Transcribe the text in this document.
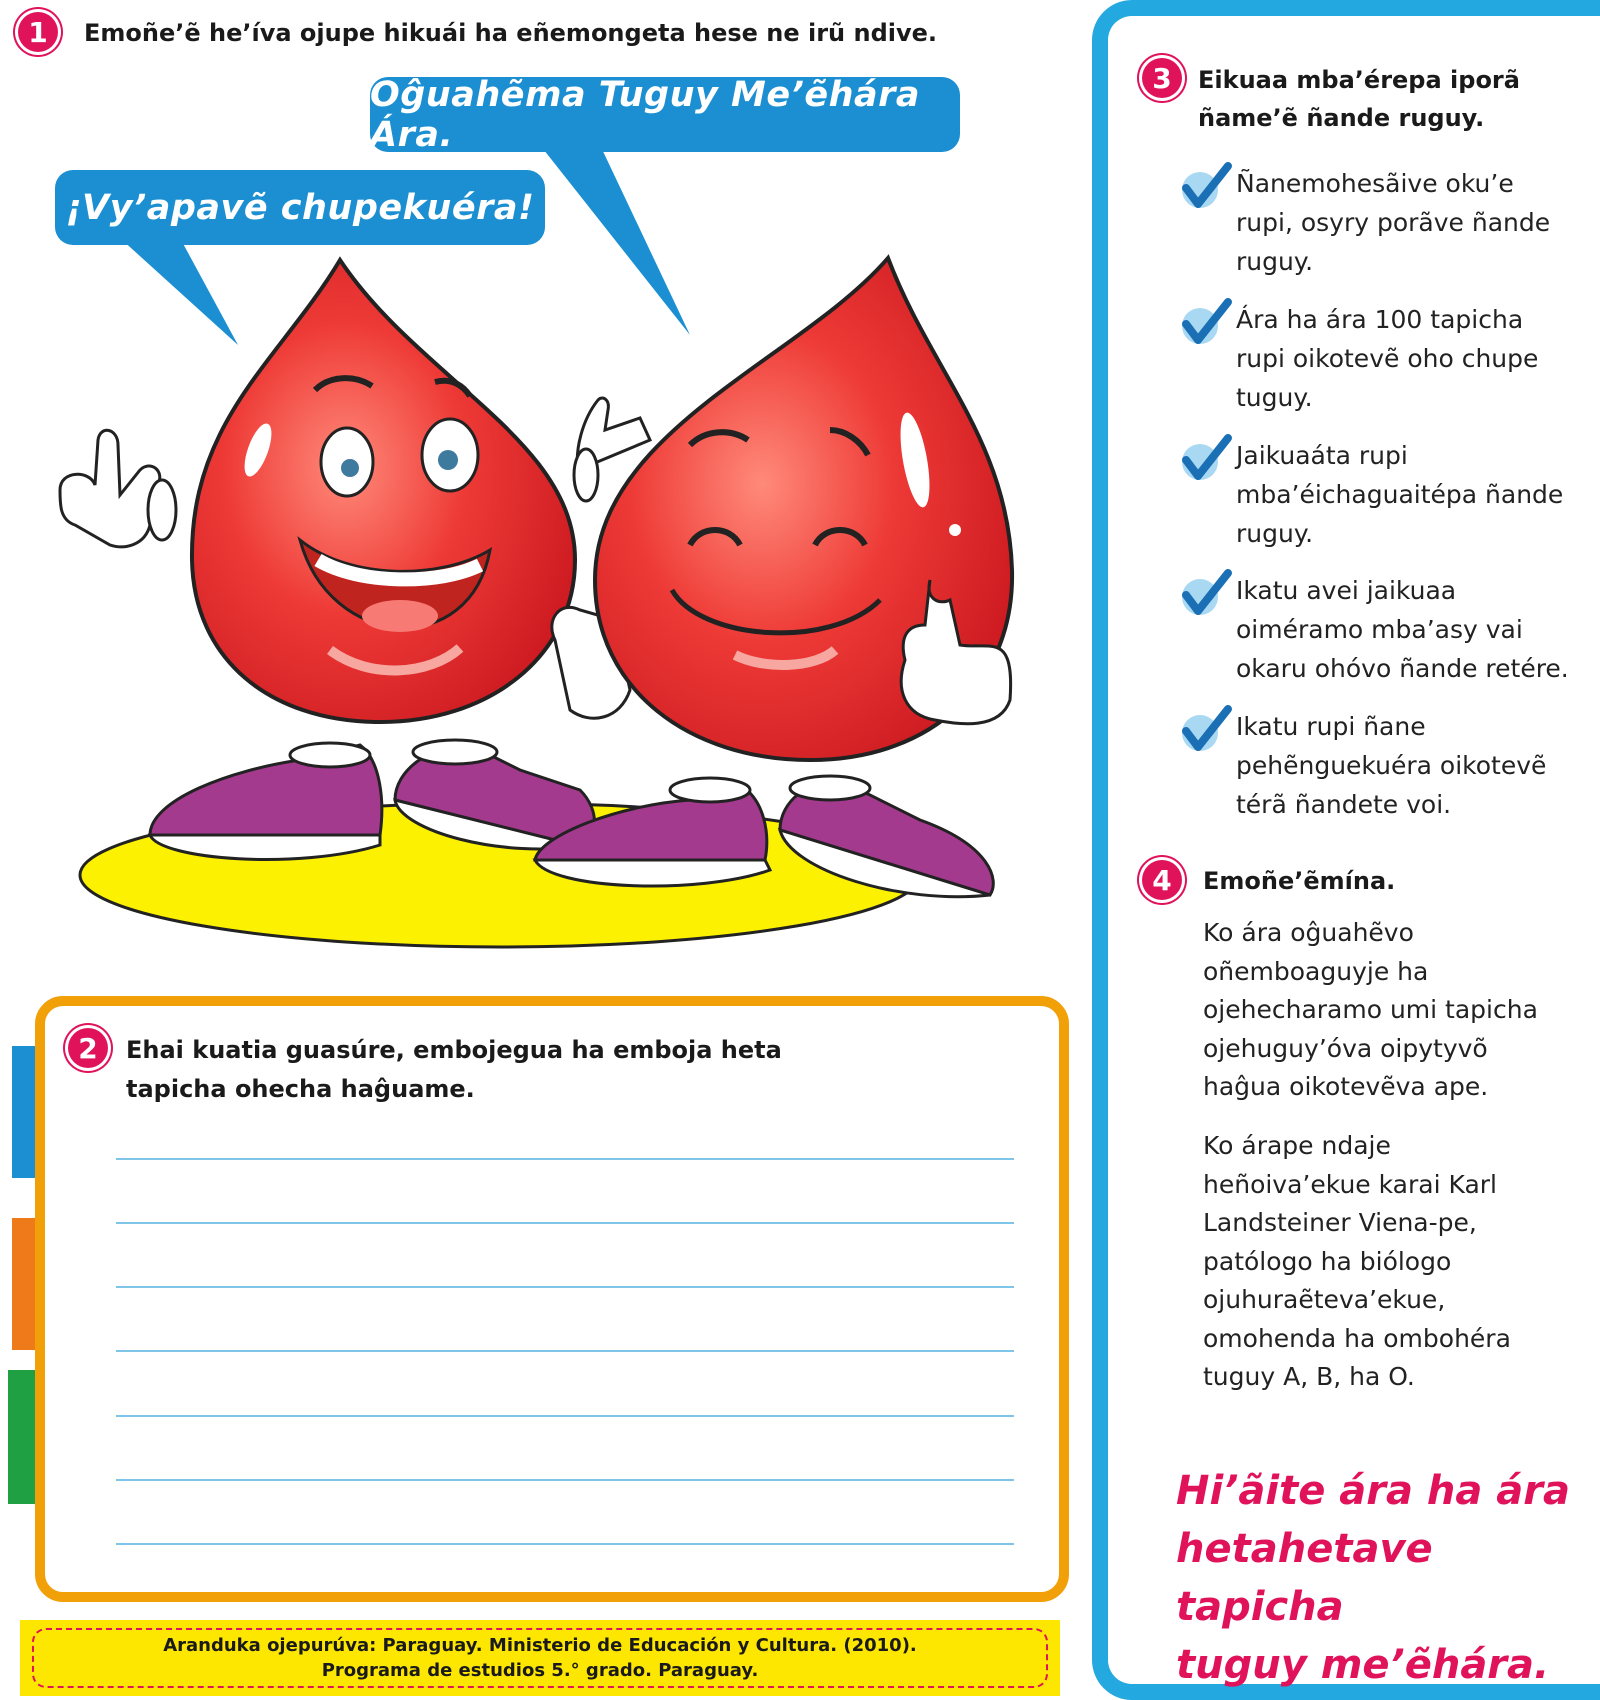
1	Emoñe’ẽ he’íva ojupe hikuái ha eñemongeta hese ne irũ ndive.
Oĝuahẽma Tuguy Me’ẽhára Ára.
¡Vy’apavẽ chupekuéra!
2	Ehai kuatia guasúre, embojegua ha emboja heta
tapicha ohecha haĝuame.
Aranduka ojepurúva: Paraguay. Ministerio de Educación y Cultura. (2010).
Programa de estudios 5.° grado. Paraguay.
3	Eikuaa mba’érepa iporã
ñame’ẽ ñande ruguy.
Ñanemohesãive oku’e
rupi, osyry porãve ñande
ruguy.
Ára ha ára 100 tapicha
rupi oikotevẽ oho chupe
tuguy.
Jaikuaáta rupi
mba’éichaguaitépa ñande
ruguy.
Ikatu avei jaikuaa
oiméramo mba’asy vai
okaru ohóvo ñande retére.
Ikatu rupi ñane
pehẽnguekuéra oikotevẽ
térã ñandete voi.
4	Emoñe’ẽmína.
Ko ára oĝuahẽvo
oñemboaguyje ha
ojehecharamo umi tapicha
ojehuguy’óva oipytyvõ
haĝua oikotevẽva ape.
Ko árape ndaje
heñoiva’ekue karai Karl
Landsteiner Viena-pe,
patólogo ha biólogo
ojuhuraẽteva’ekue,
omohenda ha ombohéra
tuguy A, B, ha O.
Hi’ãite ára ha ára
hetahetave tapicha
tuguy me’ẽhára.
